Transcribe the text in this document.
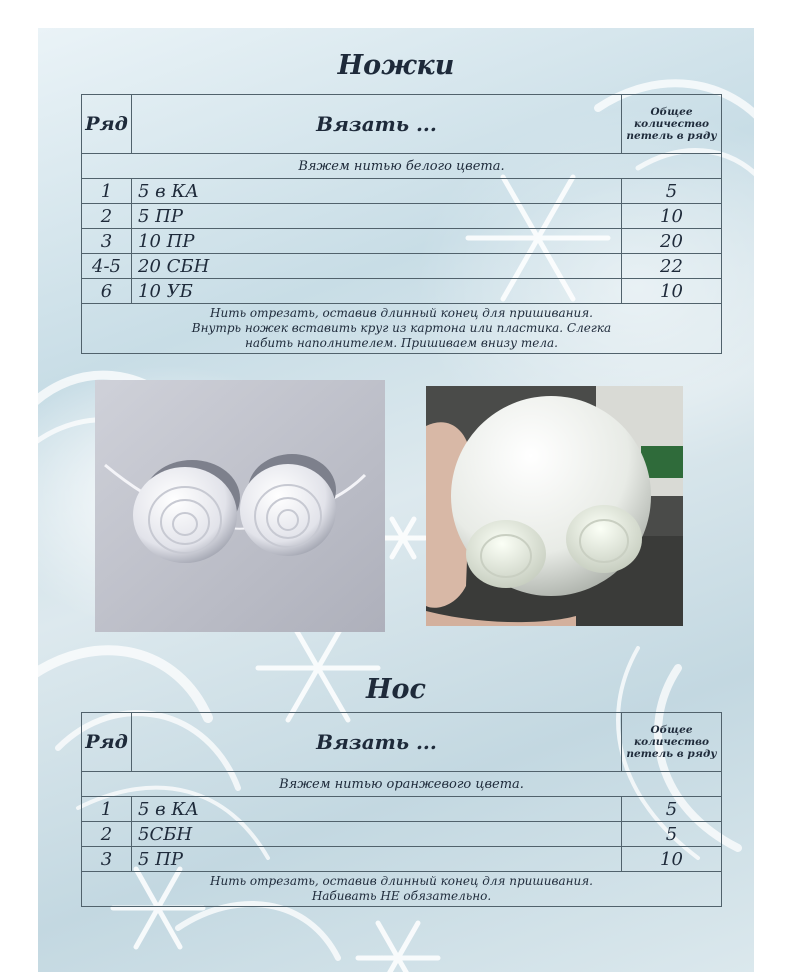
Ножки
Ряд	Вязать ...	Общее количество петель в ряду
Вяжем нитью белого цвета.		
1	5 в КА	5
2	5 ПР	10
3	10 ПР	20
4-5	20 СБН	22
6	10 УБ	10

Нить отрезать, оставив длинный конец для пришивания.
Внутрь ножек вставить круг из картона или пластика. Слегка
набить наполнителем. Пришиваем внизу тела.		
Нос
Ряд	Вязать ...	Общее количество петель в ряду
Вяжем нитью оранжевого цвета.		
1	5 в КА	5
2	5СБН	5
3	5 ПР	10

Нить отрезать, оставив длинный конец для пришивания.
Набивать НЕ обязательно.		
